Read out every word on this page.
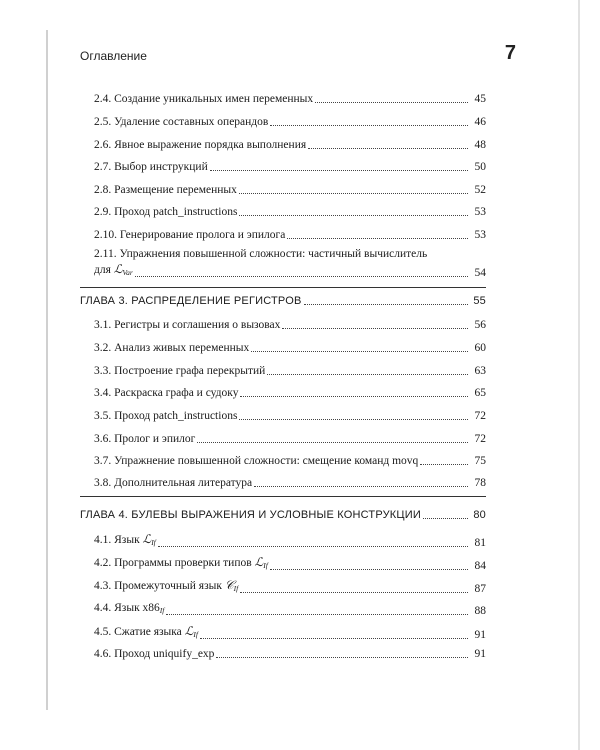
Оглавление	7
2.4. Создание уникальных имен переменных	45
2.5. Удаление составных операндов	46
2.6. Явное выражение порядка выполнения	48
2.7. Выбор инструкций	50
2.8. Размещение переменных	52
2.9. Проход patch_instructions	53
2.10. Генерирование пролога и эпилога	53
2.11. Упражнения повышенной сложности: частичный вычислитель
для ℒ$_{Var}$	54
ГЛАВА 3. РАСПРЕДЕЛЕНИЕ РЕГИСТРОВ	55
3.1. Регистры и соглашения о вызовах	56
3.2. Анализ живых переменных	60
3.3. Построение графа перекрытий	63
3.4. Раскраска графа и судоку	65
3.5. Проход patch_instructions	72
3.6. Пролог и эпилог	72
3.7. Упражнение повышенной сложности: смещение команд movq	75
3.8. Дополнительная литература	78
ГЛАВА 4. БУЛЕВЫ ВЫРАЖЕНИЯ И УСЛОВНЫЕ КОНСТРУКЦИИ	80
4.1. Язык ℒ$_{If}$	81
4.2. Программы проверки типов ℒ$_{If}$	84
4.3. Промежуточный язык 𝒞$_{If}$	87
4.4. Язык $x86_{If}$	88
4.5. Сжатие языка ℒ$_{If}$	91
4.6. Проход uniquify_exp	91
